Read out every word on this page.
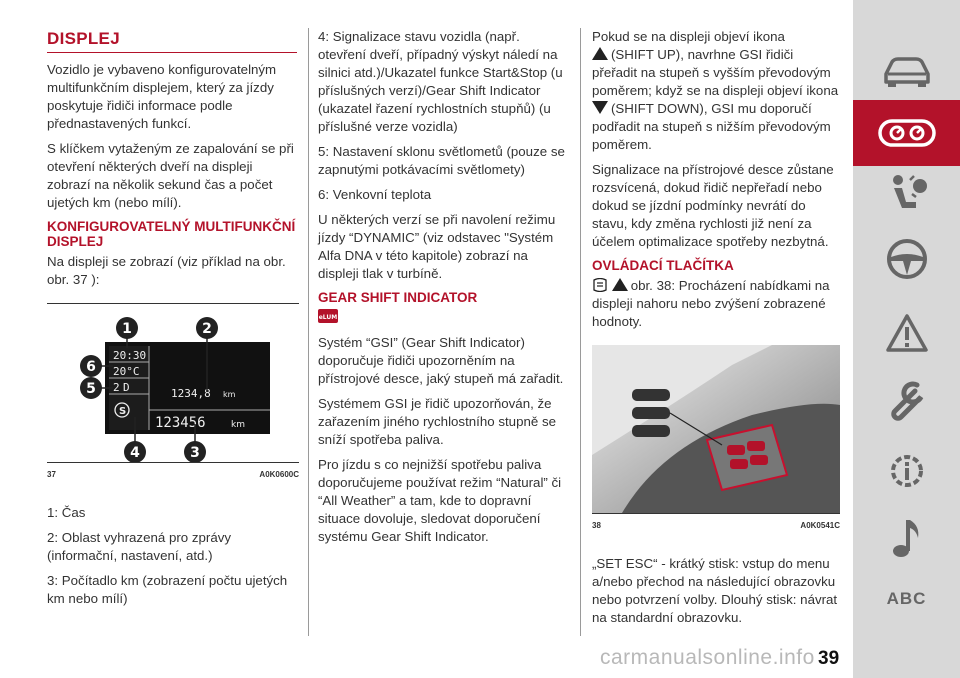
DISPLEJ

Vozidlo je vybaveno konfigurovatelným multifunkčním displejem, který za jízdy poskytuje řidiči informace podle přednastavených funkcí.

S klíčkem vytaženým ze zapalování se při otevření některých dveří na displeji zobrazí na několik sekund čas a počet ujetých km (nebo mílí).

KONFIGUROVATELNÝ MULTIFUNKČNÍ DISPLEJ

Na displeji se zobrazí (viz příklad na obr. obr. 37 ):

20:30
20°C
2 D
S
1234,8 km
123456	km
1	2
3
4
5
6
37	A0K0600C

1: Čas

2: Oblast vyhrazená pro zprávy (informační, nastavení, atd.)

3: Počítadlo km (zobrazení počtu ujetých km nebo mílí)

4: Signalizace stavu vozidla (např. otevření dveří, případný výskyt náledí na silnici atd.)/Ukazatel funkce Start&Stop (u příslušných verzí)/Gear Shift Indicator (ukazatel řazení rychlostních stupňů) (u příslušné verze vozidla)

5: Nastavení sklonu světlometů (pouze se zapnutými potkávacími světlomety)

6: Venkovní teplota

U některých verzí se při navolení režimu jízdy “DYNAMIC” (viz odstavec "Systém Alfa DNA v této kapitole) zobrazí na displeji tlak v turbíně.

GEAR SHIFT INDICATOR
eLUM

Systém “GSI” (Gear Shift Indicator) doporučuje řidiči upozorněním na přístrojové desce, jaký stupeň má zařadit.

Systémem GSI je řidič upozorňován, že zařazením jiného rychlostního stupně se sníží spotřeba paliva.

Pro jízdu s co nejnižší spotřebu paliva doporučujeme používat režim “Natural” či “All Weather” a tam, kde to dopravní situace dovoluje, sledovat doporučení systému Gear Shift Indicator.

Pokud se na displeji objeví ikona
(SHIFT UP), navrhne GSI řidiči přeřadit na stupeň s vyšším převodovým poměrem; když se na displeji objeví ikona
(SHIFT DOWN), GSI mu doporučí podřadit na stupeň s nižším převodovým poměrem.

Signalizace na přístrojové desce zůstane rozsvícená, dokud řidič nepřeřadí nebo dokud se jízdní podmínky nevrátí do stavu, kdy změna rychlosti již není za účelem optimalizace spotřeby nezbytná.

OVLÁDACÍ TLAČÍTKA

obr. 38: Procházení nabídkami na displeji nahoru nebo zvýšení zobrazené hodnoty.

38	A0K0541C

„SET ESC“ - krátký stisk: vstup do menu a/nebo přechod na následující obrazovku nebo potvrzení volby. Dlouhý stisk: návrat na standardní obrazovku.

ABC
carmanualsonline.info 39
